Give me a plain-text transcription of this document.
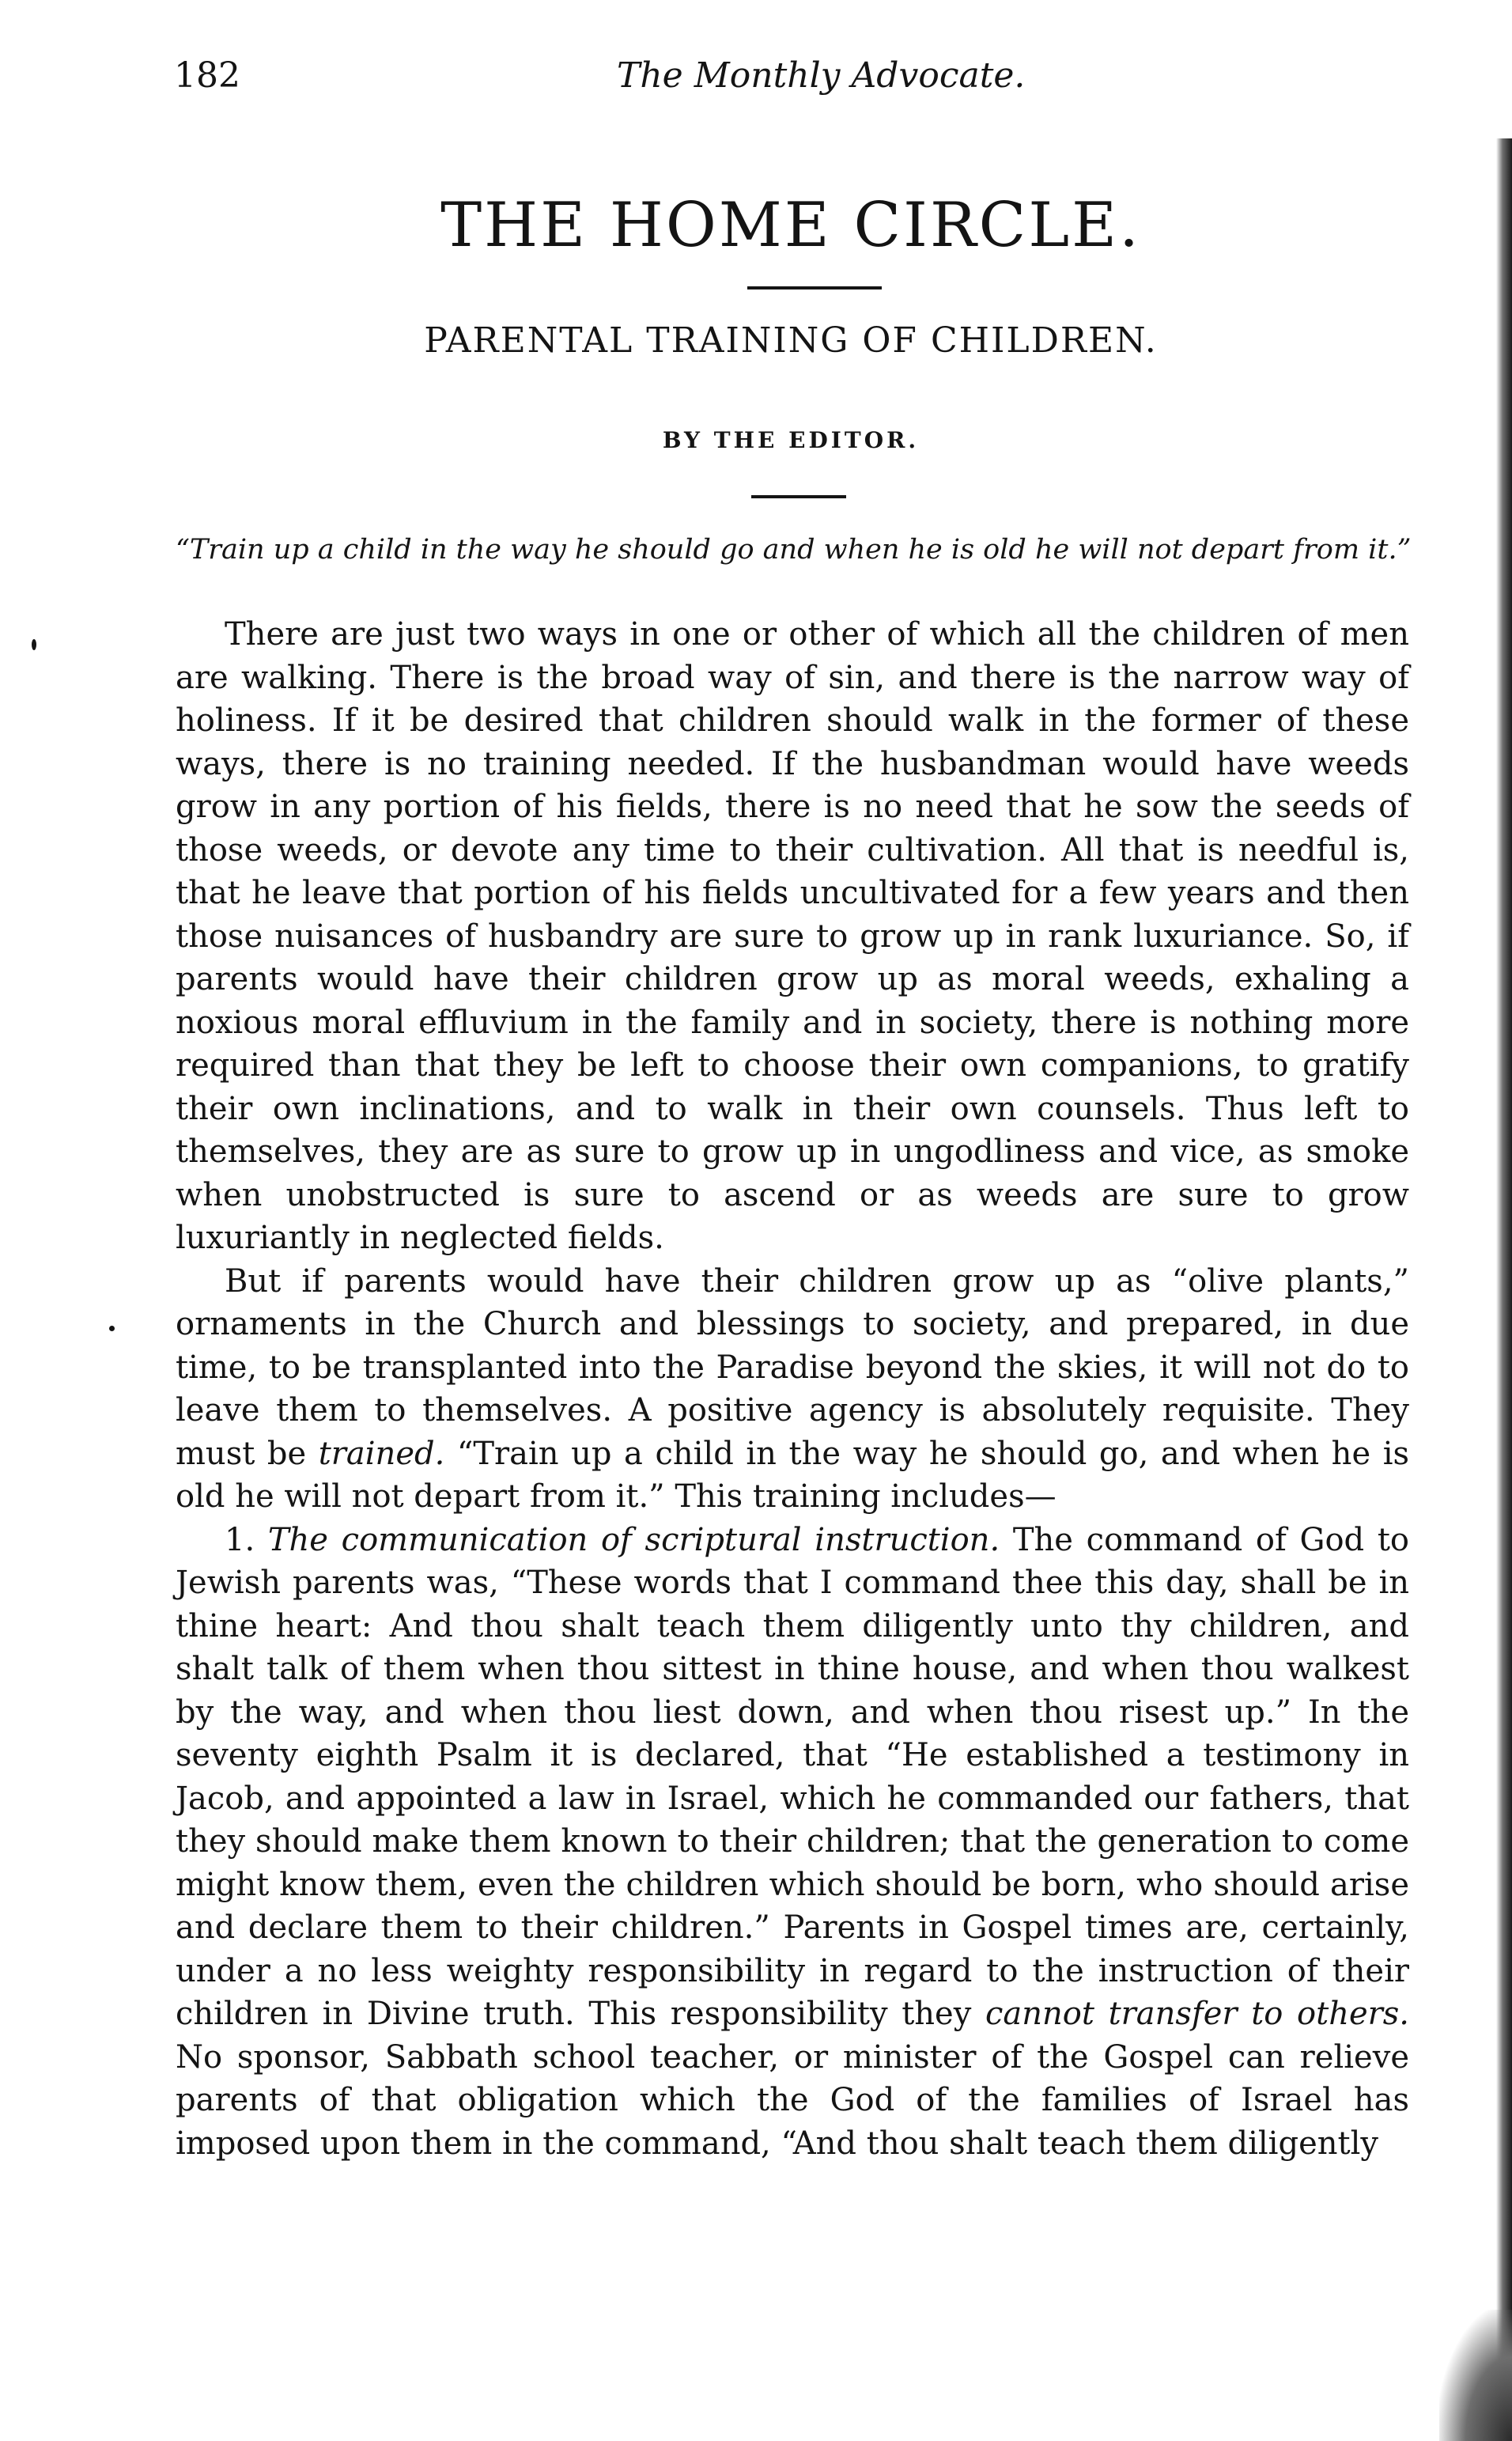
182	The Monthly Advocate.
THE HOME CIRCLE.
PARENTAL TRAINING OF CHILDREN.
BY THE EDITOR.
“Train up a child in the way he should go and when he is old he will not depart from it.”

There are just two ways in one or other of which all the children of men are walking. There is the broad way of sin, and there is the narrow way of holiness. If it be desired that children should walk in the former of these ways, there is no training needed. If the husbandman would have weeds grow in any portion of his fields, there is no need that he sow the seeds of those weeds, or devote any time to their cultivation. All that is needful is, that he leave that portion of his fields uncultivated for a few years and then those nuisances of husbandry are sure to grow up in rank luxuriance. So, if parents would have their children grow up as moral weeds, exhaling a noxious moral effluvium in the family and in society, there is nothing more required than that they be left to choose their own companions, to gratify their own inclinations, and to walk in their own counsels. Thus left to themselves, they are as sure to grow up in ungodliness and vice, as smoke when unobstructed is sure to ascend or as weeds are sure to grow luxuriantly in neglected fields.

But if parents would have their children grow up as “olive plants,” ornaments in the Church and blessings to society, and prepared, in due time, to be transplanted into the Paradise beyond the skies, it will not do to leave them to themselves. A positive agency is absolutely requisite. They must be trained. “Train up a child in the way he should go, and when he is old he will not depart from it.” This training includes—

1. The communication of scriptural instruction. The command of God to Jewish parents was, “These words that I command thee this day, shall be in thine heart: And thou shalt teach them diligently unto thy children, and shalt talk of them when thou sittest in thine house, and when thou walkest by the way, and when thou liest down, and when thou risest up.” In the seventy eighth Psalm it is declared, that “He established a testimony in Jacob, and appointed a law in Israel, which he commanded our fathers, that they should make them known to their children; that the generation to come might know them, even the children which should be born, who should arise and declare them to their children.” Parents in Gospel times are, certainly, under a no less weighty responsibility in regard to the instruction of their children in Divine truth. This responsibility they cannot transfer to others. No sponsor, Sabbath school teacher, or minister of the Gospel can relieve parents of that obligation which the God of the families of Israel has imposed upon them in the command, “And thou shalt teach them diligently
